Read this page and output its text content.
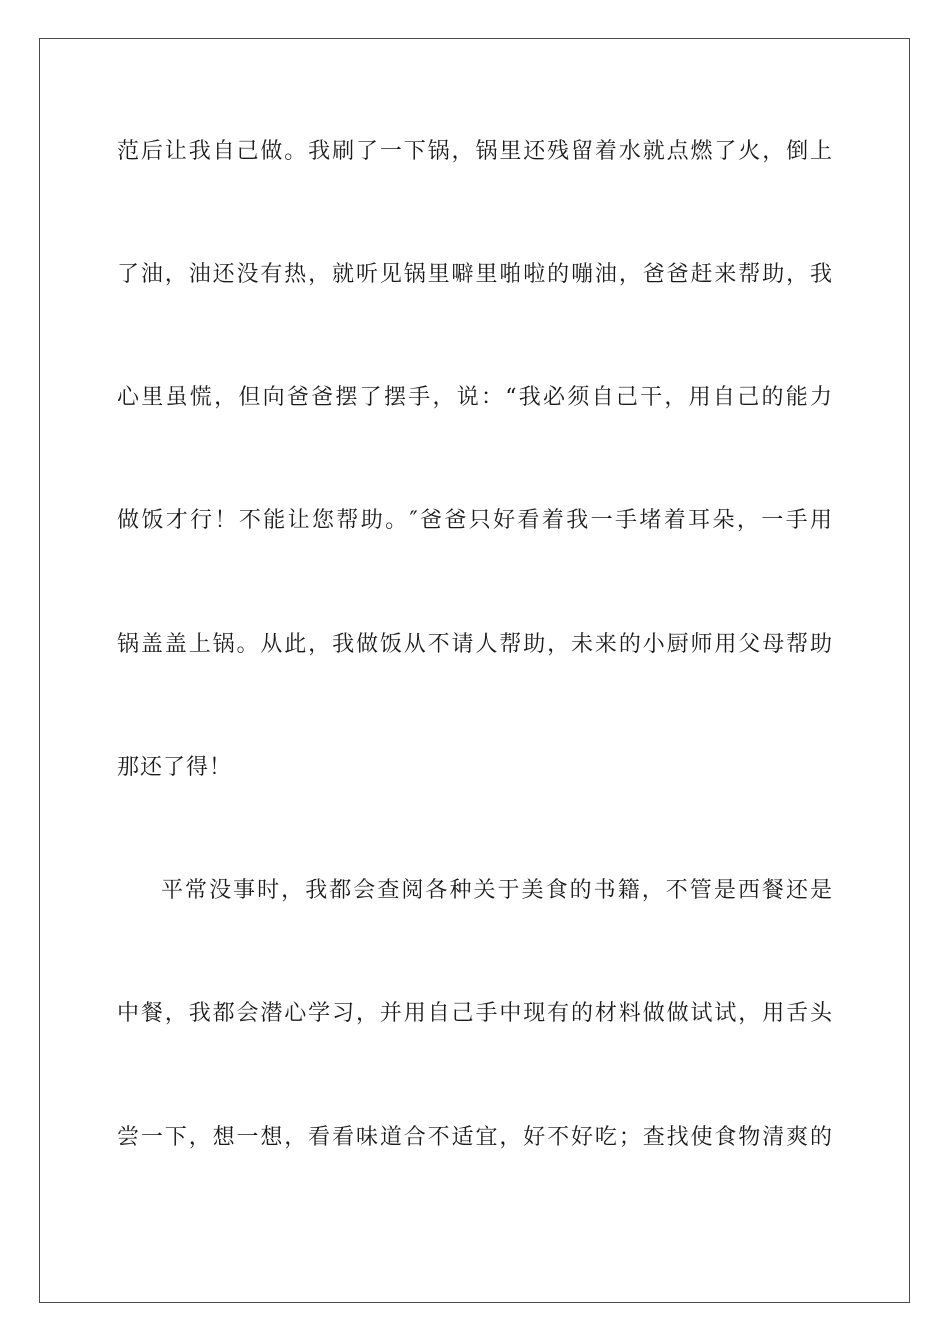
范后让我自己做。我刷了一下锅，锅里还残留着水就点燃了火，倒上
了油，油还没有热，就听见锅里噼里啪啦的嘣油，爸爸赶来帮助，我
心里虽慌，但向爸爸摆了摆手，说：“我必须自己干，用自己的能力
做饭才行！不能让您帮助。″爸爸只好看着我一手堵着耳朵，一手用
锅盖盖上锅。从此，我做饭从不请人帮助，未来的小厨师用父母帮助
那还了得！
平常没事时，我都会查阅各种关于美食的书籍，不管是西餐还是
中餐，我都会潜心学习，并用自己手中现有的材料做做试试，用舌头
尝一下，想一想，看看味道合不适宜，好不好吃；查找使食物清爽的
